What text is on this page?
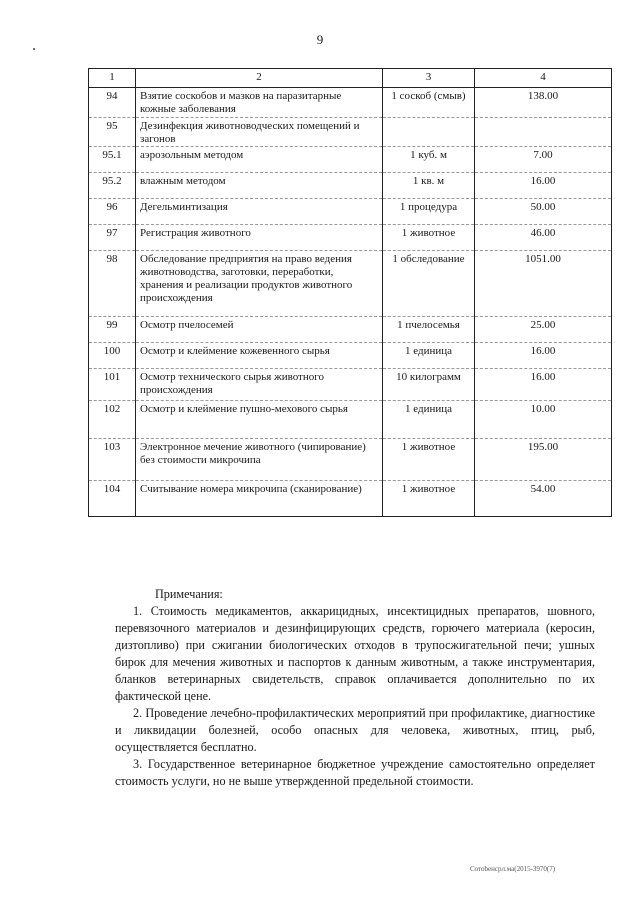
9
1	2	3	4
94	Взятие соскобов и мазков на паразитарные кожные заболевания	1 соскоб (смыв)	138.00
95	Дезинфекция животноводческих помещений и загонов		
95.1	аэрозольным методом	1 куб. м	7.00
95.2	влажным методом	1 кв. м	16.00
96	Дегельминтизация	1 процедура	50.00
97	Регистрация животного	1 животное	46.00
98	Обследование предприятия на право ведения животноводства, заготовки, переработки, хранения и реализации продуктов животного происхождения	1 обследование	1051.00
99	Осмотр пчелосемей	1 пчелосемья	25.00
100	Осмотр и клеймение кожевенного сырья	1 единица	16.00
101	Осмотр технического сырья животного происхождения	10 килограмм	16.00
102	Осмотр и клеймение пушно-мехового сырья	1 единица	10.00
103	Электронное мечение животного (чипирование) без стоимости микрочипа	1 животное	195.00
104	Считывание номера микрочипа (сканирование)	1 животное	54.00

Примечания:

1. Стоимость медикаментов, аккарицидных, инсектицидных препаратов, шовного, перевязочного материалов и дезинфицирующих средств, горючего материала (керосин, дизтопливо) при сжигании биологических отходов в трупосжигательной печи; ушных бирок для мечения животных и паспортов к данным животным, а также инструментария, бланков ветеринарных свидетельств, справок оплачивается дополнительно по их фактической цене.

2. Проведение лечебно-профилактических мероприятий при профилактике, диагностике и ликвидации болезней, особо опасных для человека, животных, птиц, рыб, осуществляется бесплатно.

3. Государственное ветеринарное бюджетное учреждение самостоятельно определяет стоимость услуги, но не выше утвержденной предельной стоимости.

Сотоbенсpл.ма(2015-3970(7)
